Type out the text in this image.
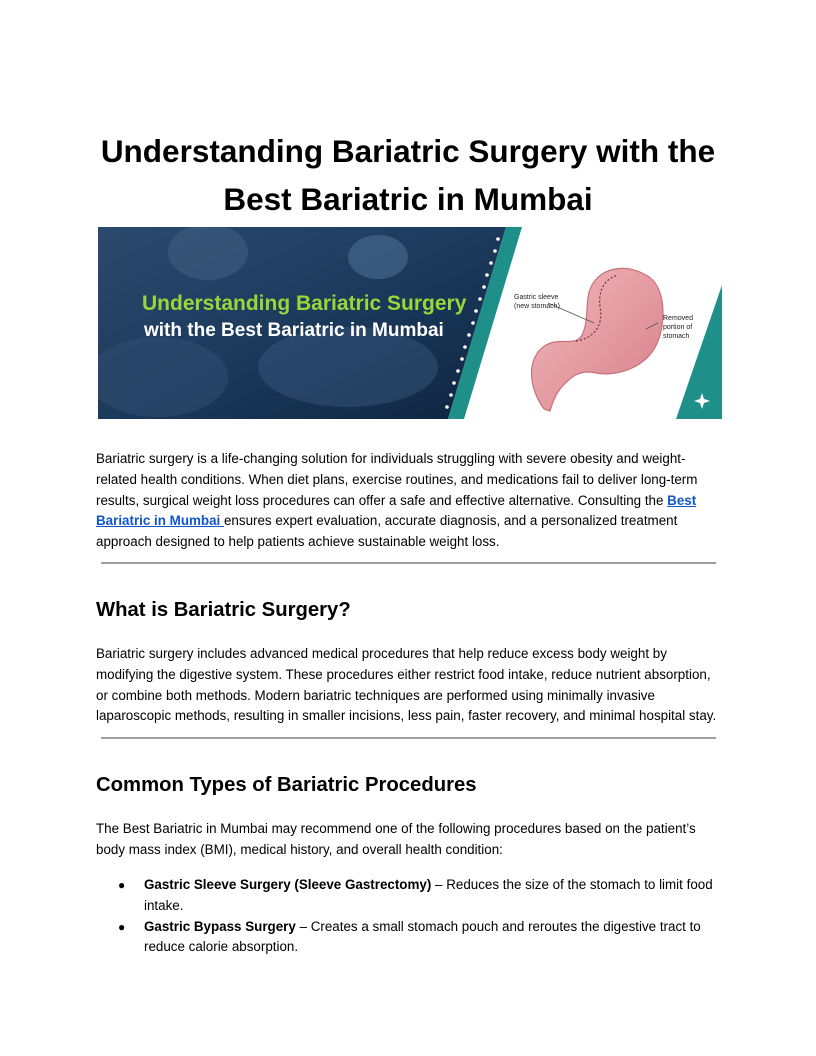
Understanding Bariatric Surgery with the
Best Bariatric in Mumbai
Understanding Bariatric Surgery
with the Best Bariatric in Mumbai
Gastric sleeve
(new stomach)
Removed
portion of
stomach

Bariatric surgery is a life-changing solution for individuals struggling with severe obesity and weight-related health conditions. When diet plans, exercise routines, and medications fail to deliver long-term results, surgical weight loss procedures can offer a safe and effective alternative. Consulting the Best Bariatric in Mumbai ensures expert evaluation, accurate diagnosis, and a personalized treatment approach designed to help patients achieve sustainable weight loss.

What is Bariatric Surgery?

Bariatric surgery includes advanced medical procedures that help reduce excess body weight by modifying the digestive system. These procedures either restrict food intake, reduce nutrient absorption, or combine both methods. Modern bariatric techniques are performed using minimally invasive laparoscopic methods, resulting in smaller incisions, less pain, faster recovery, and minimal hospital stay.

Common Types of Bariatric Procedures

The Best Bariatric in Mumbai may recommend one of the following procedures based on the patient’s body mass index (BMI), medical history, and overall health condition:

● Gastric Sleeve Surgery (Sleeve Gastrectomy) – Reduces the size of the stomach to limit food intake.
● Gastric Bypass Surgery – Creates a small stomach pouch and reroutes the digestive tract to reduce calorie absorption.
